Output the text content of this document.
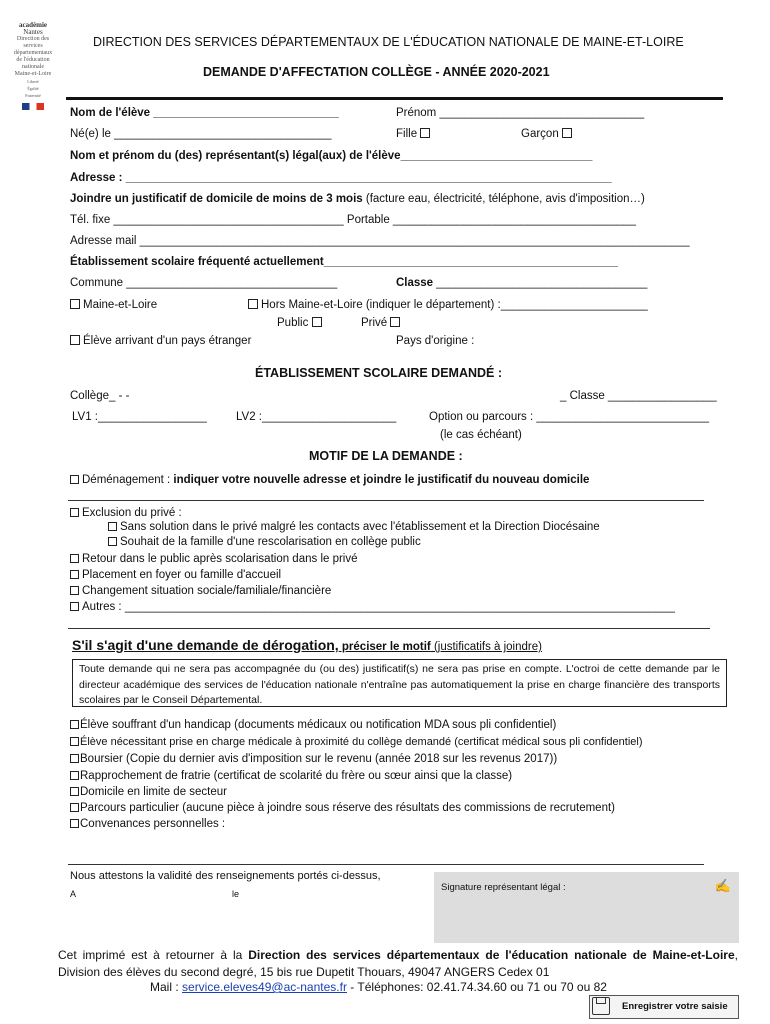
académie
Nantes
Direction des services
départementaux
de l'éducation nationale
Maine-et-Loire
Liberté
Égalité
Fraternité
DIRECTION DES SERVICES DÉPARTEMENTAUX DE L'ÉDUCATION NATIONALE DE MAINE-ET-LOIRE
DEMANDE D'AFFECTATION COLLÈGE - ANNÉE 2020-2021
Nom de l'élève _____________________________	Prénom ________________________________
Né(e) le __________________________________	Fille	Garçon
Nom et prénom du (des) représentant(s) légal(aux) de l'élève______________________________
Adresse : ____________________________________________________________________________
Joindre un justificatif de domicile de moins de 3 mois (facture eau, électricité, téléphone, avis d'imposition…)
Tél. fixe ____________________________________ Portable ______________________________________
Adresse mail ______________________________________________________________________________________
Établissement scolaire fréquenté actuellement______________________________________________
Commune _________________________________	Classe _________________________________
Maine-et-Loire	Hors Maine-et-Loire (indiquer le département) :_______________________
Public	Privé
Élève arrivant d'un pays étranger	Pays d'origine :
ÉTABLISSEMENT SCOLAIRE DEMANDÉ :
Collège_ - -	_ Classe _________________
LV1 :_________________	LV2 :_____________________	Option ou parcours : ___________________________
(le cas échéant)
MOTIF DE LA DEMANDE :
Déménagement : indiquer votre nouvelle adresse et joindre le justificatif du nouveau domicile
Exclusion du privé :
Sans solution dans le privé malgré les contacts avec l'établissement et la Direction Diocésaine
Souhait de la famille d'une rescolarisation en collège public
Retour dans le public après scolarisation dans le privé
Placement en foyer ou famille d'accueil
Changement situation sociale/familiale/financière
Autres : ______________________________________________________________________________________
S'il s'agit d'une demande de dérogation, préciser le motif (justificatifs à joindre)
Toute demande qui ne sera pas accompagnée du (ou des) justificatif(s) ne sera pas prise en compte. L'octroi de cette demande par le directeur académique des services de l'éducation nationale n'entraîne pas automatiquement la prise en charge financière des transports scolaires par le Conseil Départemental.
Élève souffrant d'un handicap (documents médicaux ou notification MDA sous pli confidentiel)
Élève nécessitant prise en charge médicale à proximité du collège demandé (certificat médical sous pli confidentiel)
Boursier (Copie du dernier avis d'imposition sur le revenu (année 2018 sur les revenus 2017))
Rapprochement de fratrie (certificat de scolarité du frère ou sœur ainsi que la classe)
Domicile en limite de secteur
Parcours particulier (aucune pièce à joindre sous réserve des résultats des commissions de recrutement)
Convenances personnelles :
Nous attestons la validité des renseignements portés ci-dessus,
A	le
Signature représentant légal :	✍
Cet imprimé est à retourner à la Direction des services départementaux de l'éducation nationale de Maine-et-Loire, Division des élèves du second degré, 15 bis rue Dupetit Thouars, 49047 ANGERS Cedex 01
Mail : service.eleves49@ac-nantes.fr - Téléphones: 02.41.74.34.60 ou 71 ou 70 ou 82
Enregistrer votre saisie
